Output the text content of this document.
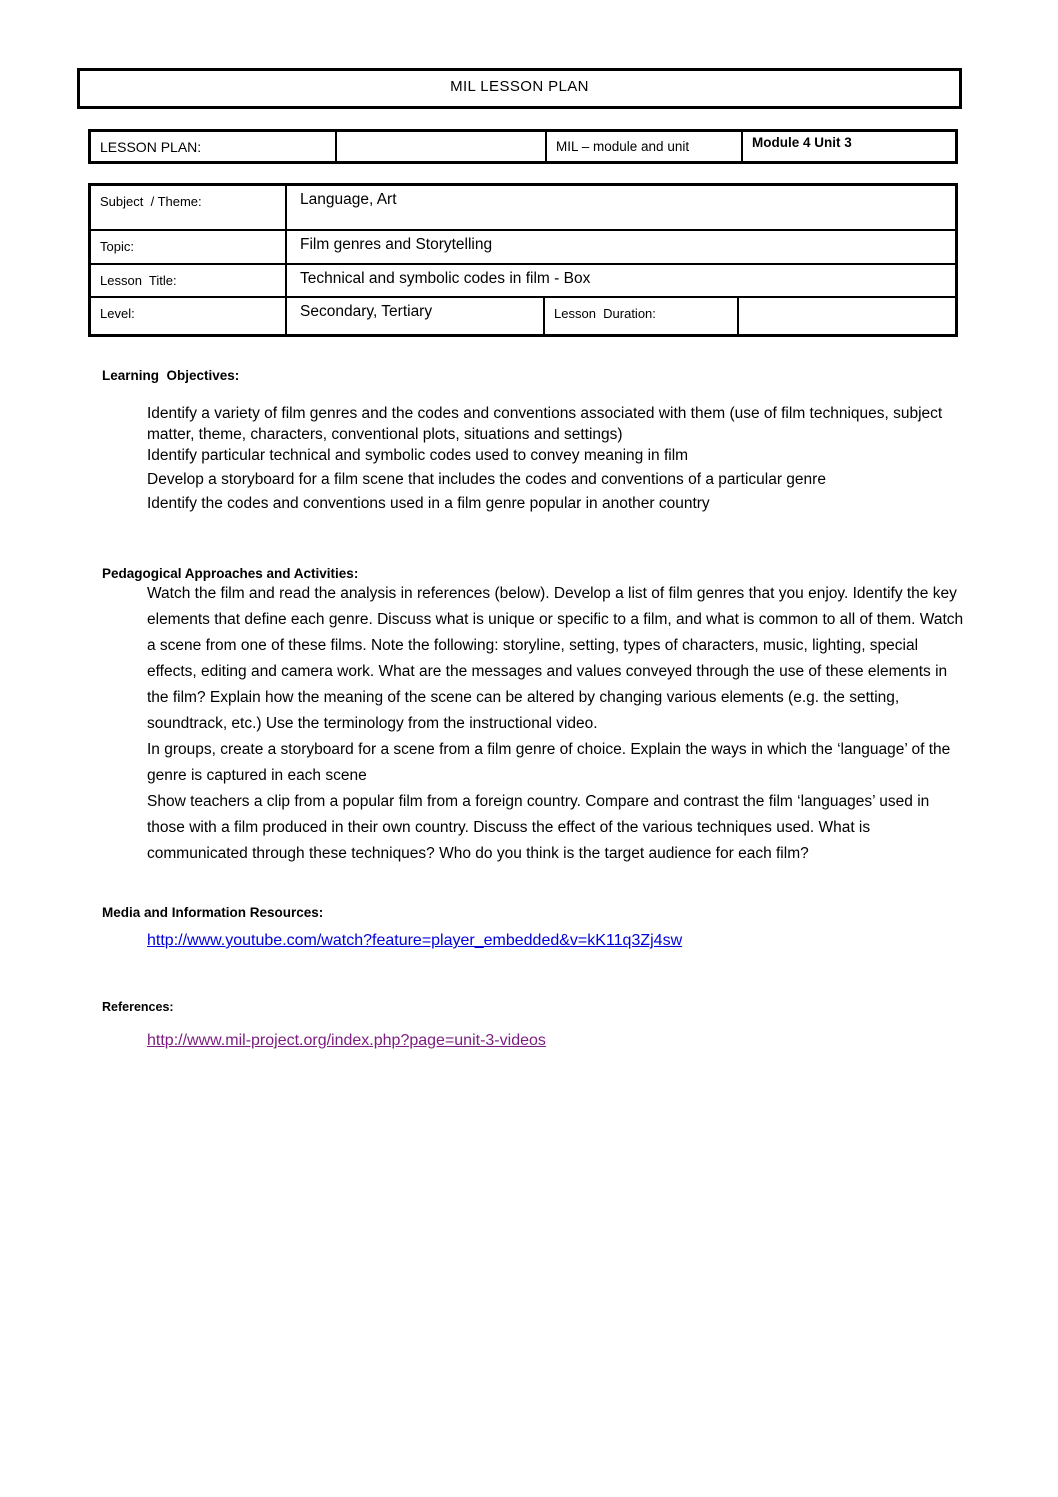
MIL LESSON PLAN
LESSON PLAN:	MIL – module and unit	Module 4 Unit 3
Subject  / Theme:	Language, Art
Topic:	Film genres and Storytelling
Lesson  Title:	Technical and symbolic codes in film - Box
Level:	Secondary, Tertiary	Lesson  Duration:
Learning  Objectives:

Identify a variety of film genres and the codes and conventions associated with them (use of film techniques, subject matter, theme, characters, conventional plots, situations and settings)

Identify particular technical and symbolic codes used to convey meaning in film

Develop a storyboard for a film scene that includes the codes and conventions of a particular genre

Identify the codes and conventions used in a film genre popular in another country

Pedagogical Approaches and Activities:

Watch the film and read the analysis in references (below). Develop a list of film genres that you enjoy. Identify the key elements that define each genre. Discuss what is unique or specific to a film, and what is common to all of them. Watch a scene from one of these films. Note the following: storyline, setting, types of characters, music, lighting, special effects, editing and camera work. What are the messages and values conveyed through the use of these elements in the film? Explain how the meaning of the scene can be altered by changing various elements (e.g. the setting, soundtrack, etc.) Use the terminology from the instructional video.

In groups, create a storyboard for a scene from a film genre of choice. Explain the ways in which the ‘language’ of the genre is captured in each scene

Show teachers a clip from a popular film from a foreign country. Compare and contrast the film ‘languages’ used in those with a film produced in their own country. Discuss the effect of the various techniques used. What is communicated through these techniques? Who do you think is the target audience for each film?

Media and Information Resources:
http://www.youtube.com/watch?feature=player_embedded&v=kK11q3Zj4sw
References:
http://www.mil-project.org/index.php?page=unit-3-videos
